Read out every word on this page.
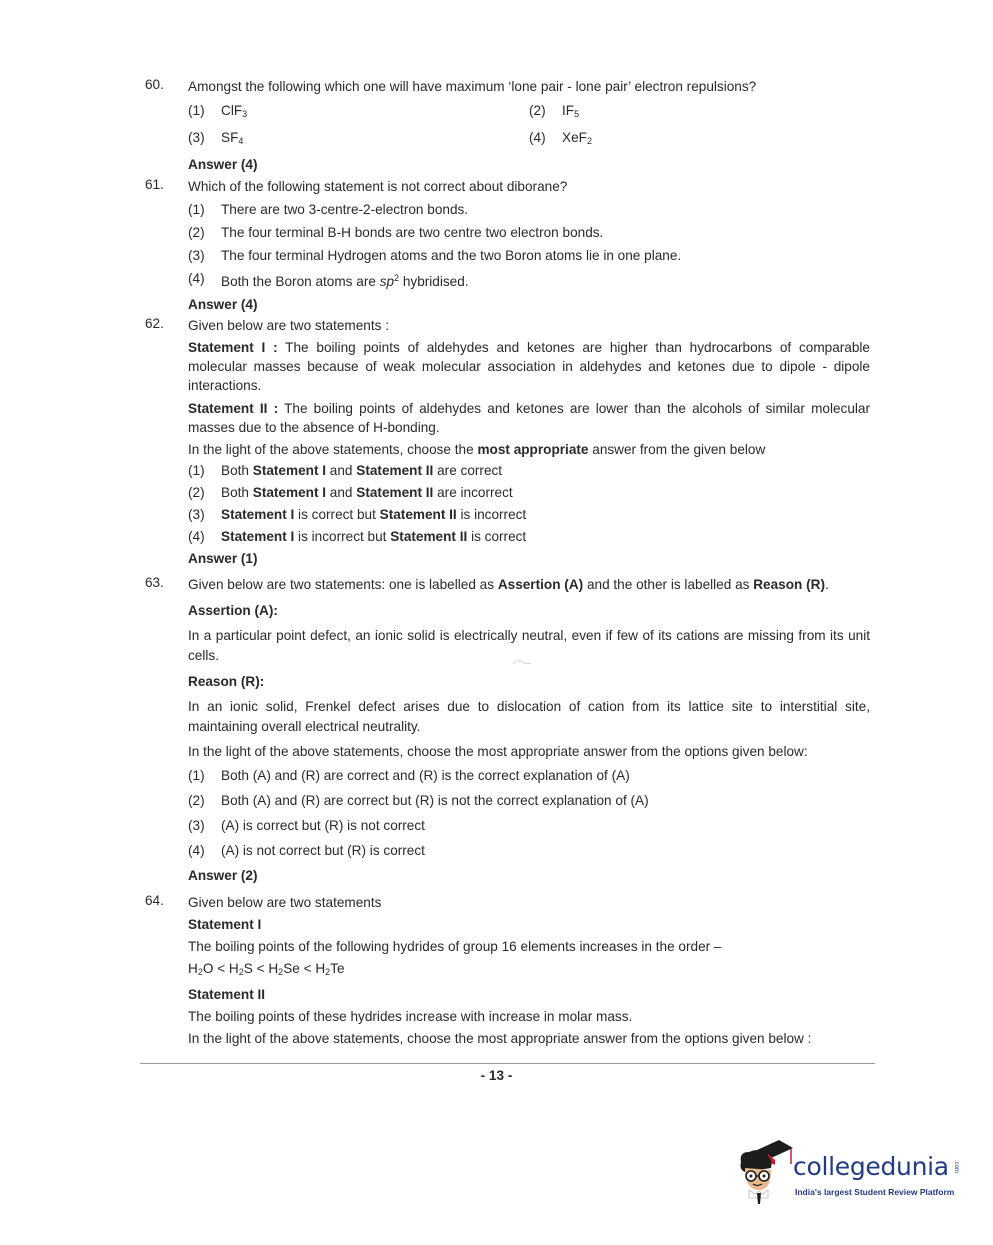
60.	Amongst the following which one will have maximum ‘lone pair - lone pair’ electron repulsions?
(1)	ClF$_3$	(2)	$IF_5$
(3)	$SF_4$	(4)	XeF$_2$
Answer (4)
61.	Which of the following statement is not correct about diborane?
(1)	There are two 3-centre-2-electron bonds.
(2)	The four terminal B-H bonds are two centre two electron bonds.
(3)	The four terminal Hydrogen atoms and the two Boron atoms lie in one plane.
(4)	Both the Boron atoms are $sp^2$ hybridised.
Answer (4)
62.	Given below are two statements :
Statement I : The boiling points of aldehydes and ketones are higher than hydrocarbons of comparable molecular masses because of weak molecular association in aldehydes and ketones due to dipole - dipole interactions.
Statement II : The boiling points of aldehydes and ketones are lower than the alcohols of similar molecular masses due to the absence of H-bonding.
In the light of the above statements, choose the most appropriate answer from the given below
(1)	Both Statement I and Statement II are correct
(2)	Both Statement I and Statement II are incorrect
(3)	Statement I is correct but Statement II is incorrect
(4)	Statement I is incorrect but Statement II is correct
Answer (1)
63.	Given below are two statements: one is labelled as Assertion (A) and the other is labelled as Reason (R).
Assertion (A):
In a particular point defect, an ionic solid is electrically neutral, even if few of its cations are missing from its unit cells.
Reason (R):
In an ionic solid, Frenkel defect arises due to dislocation of cation from its lattice site to interstitial site, maintaining overall electrical neutrality.
In the light of the above statements, choose the most appropriate answer from the options given below:
(1)	Both (A) and (R) are correct and (R) is the correct explanation of (A)
(2)	Both (A) and (R) are correct but (R) is not the correct explanation of (A)
(3)	(A) is correct but (R) is not correct
(4)	(A) is not correct but (R) is correct
Answer (2)
64.	Given below are two statements
Statement I
The boiling points of the following hydrides of group 16 elements increases in the order –
$H_2O < H_2S < H_2Se < H_2Te$
Statement II
The boiling points of these hydrides increase with increase in molar mass.
In the light of the above statements, choose the most appropriate answer from the options given below :
- 13 -
collegedunia .com
India's largest Student Review Platform
